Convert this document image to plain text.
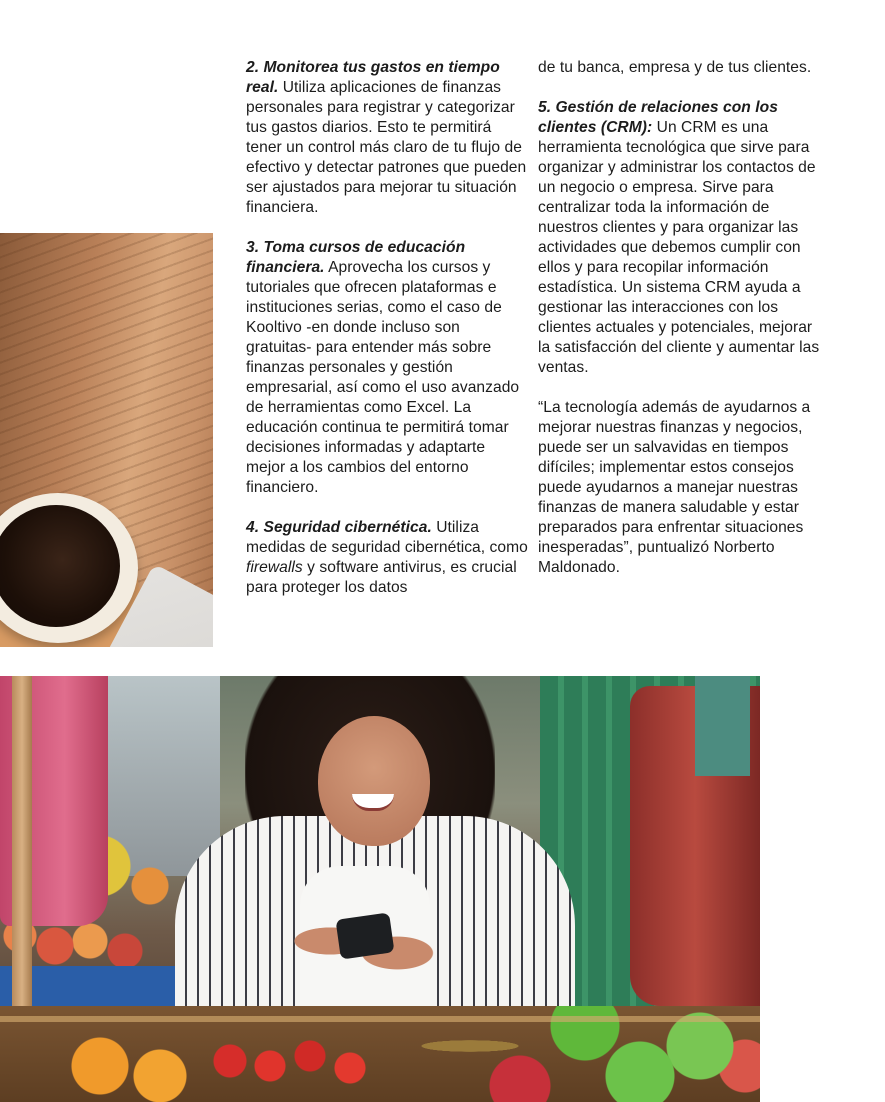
2. Monitorea tus gastos en tiempo real. Utiliza aplicaciones de finanzas personales para registrar y categorizar tus gastos diarios. Esto te permitirá tener un control más claro de tu flujo de efectivo y detectar patrones que pueden ser ajustados para mejorar tu situación financiera.

3. Toma cursos de educación financiera. Aprovecha los cursos y tutoriales que ofrecen plataformas e instituciones serias, como el caso de Kooltivo -en donde incluso son gratuitas- para entender más sobre finanzas personales y gestión empresarial, así como el uso avanzado de herramientas como Excel. La educación continua te permitirá tomar decisiones informadas y adaptarte mejor a los cambios del entorno financiero.

4. Seguridad cibernética. Utiliza medidas de seguridad cibernética, como firewalls y software antivirus, es crucial para proteger los datos

de tu banca, empresa y de tus clientes.

5. Gestión de relaciones con los clientes (CRM): Un CRM es una herramienta tecnológica que sirve para organizar y administrar los contactos de un negocio o empresa. Sirve para centralizar toda la información de nuestros clientes y para organizar las actividades que debemos cumplir con ellos y para recopilar información estadística. Un sistema CRM ayuda a gestionar las interacciones con los clientes actuales y potenciales, mejorar la satisfacción del cliente y aumentar las ventas.

“La tecnología además de ayudarnos a mejorar nuestras finanzas y negocios, puede ser un salvavidas en tiempos difíciles; implementar estos consejos puede ayudarnos a manejar nuestras finanzas de manera saludable y estar preparados para enfrentar situaciones inesperadas”, puntualizó Norberto Maldonado.
